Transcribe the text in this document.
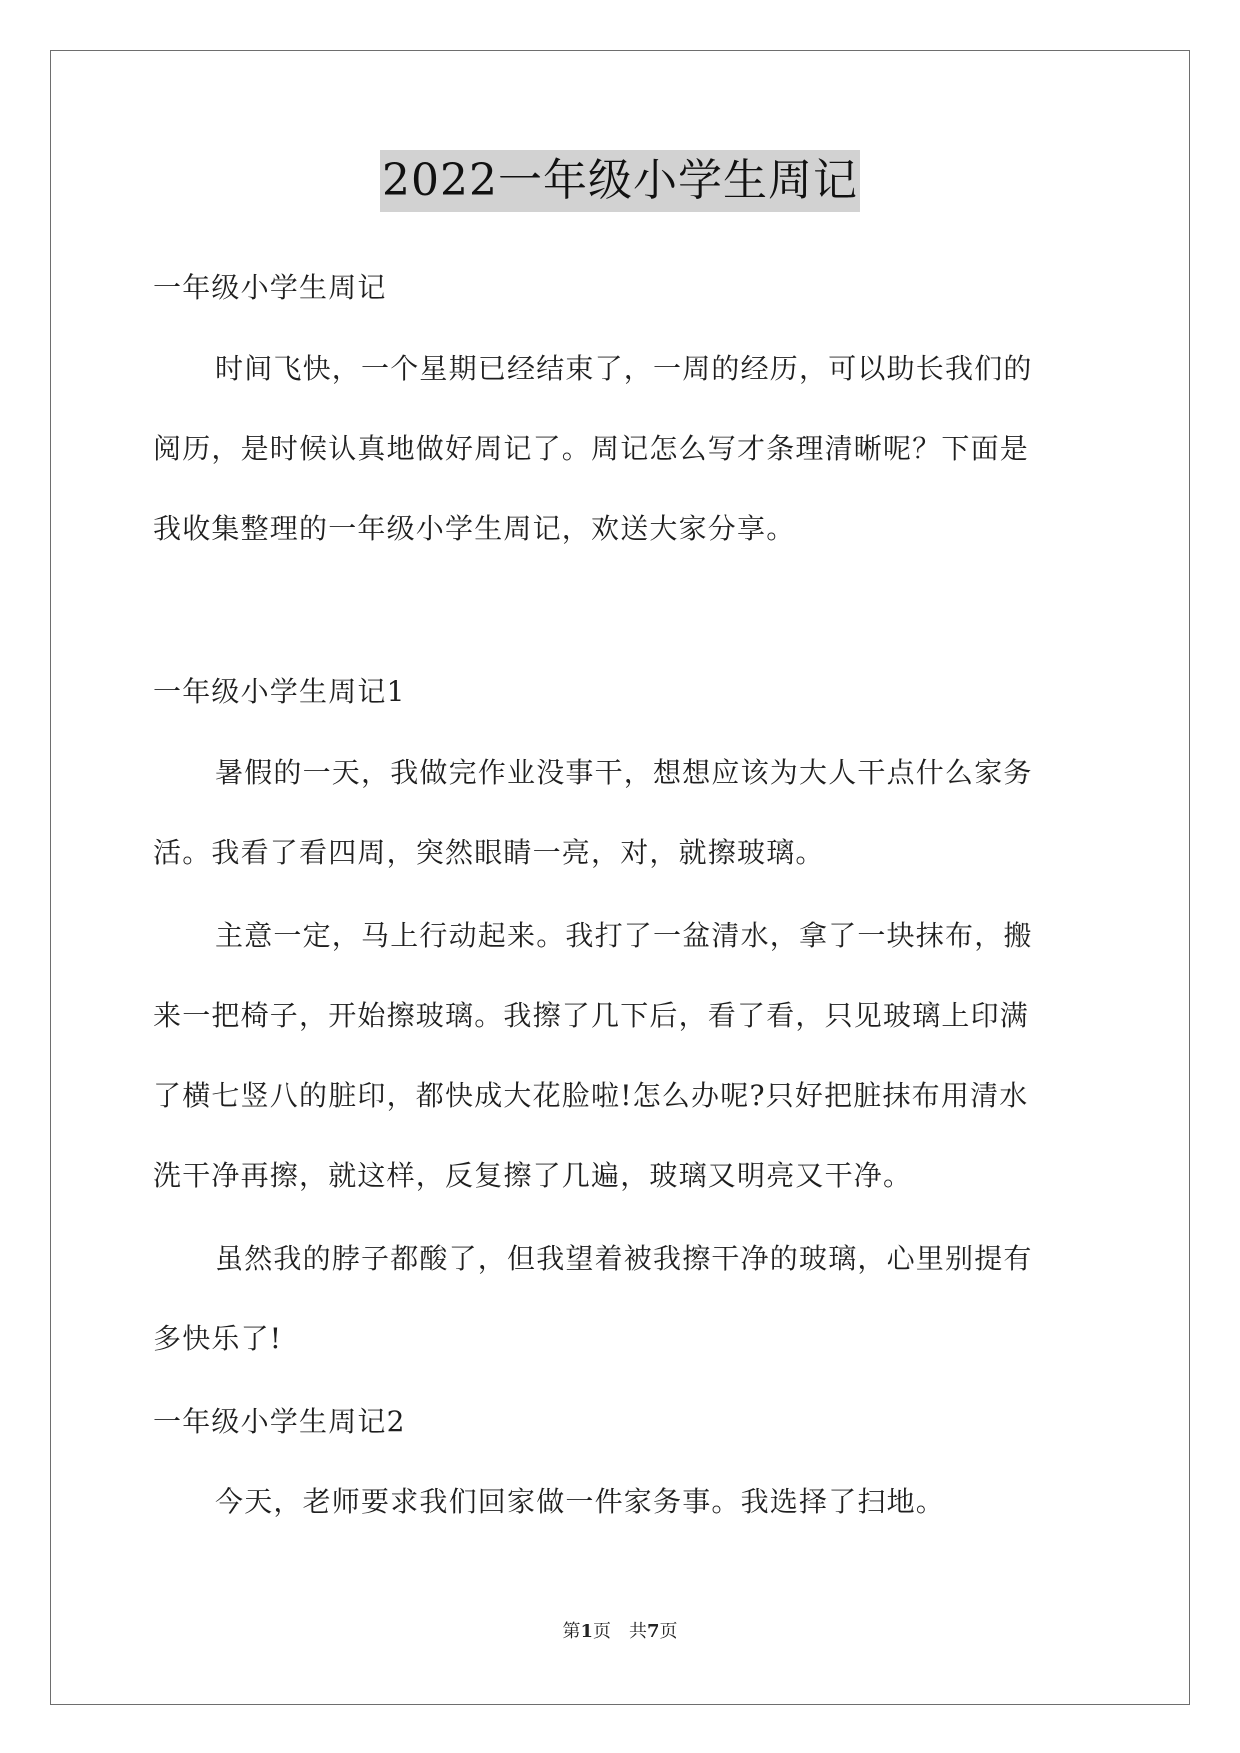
2022一年级小学生周记
一年级小学生周记
时间飞快，一个星期已经结束了，一周的经历，可以助长我们的
阅历，是时候认真地做好周记了。周记怎么写才条理清晰呢？下面是
我收集整理的一年级小学生周记，欢送大家分享。
一年级小学生周记1
暑假的一天，我做完作业没事干，想想应该为大人干点什么家务
活。我看了看四周，突然眼睛一亮，对，就擦玻璃。
主意一定，马上行动起来。我打了一盆清水，拿了一块抹布，搬
来一把椅子，开始擦玻璃。我擦了几下后，看了看，只见玻璃上印满
了横七竖八的脏印，都快成大花脸啦!怎么办呢?只好把脏抹布用清水
洗干净再擦，就这样，反复擦了几遍，玻璃又明亮又干净。
虽然我的脖子都酸了，但我望着被我擦干净的玻璃，心里别提有
多快乐了!
一年级小学生周记2
今天，老师要求我们回家做一件家务事。我选择了扫地。
第1页 共7页
